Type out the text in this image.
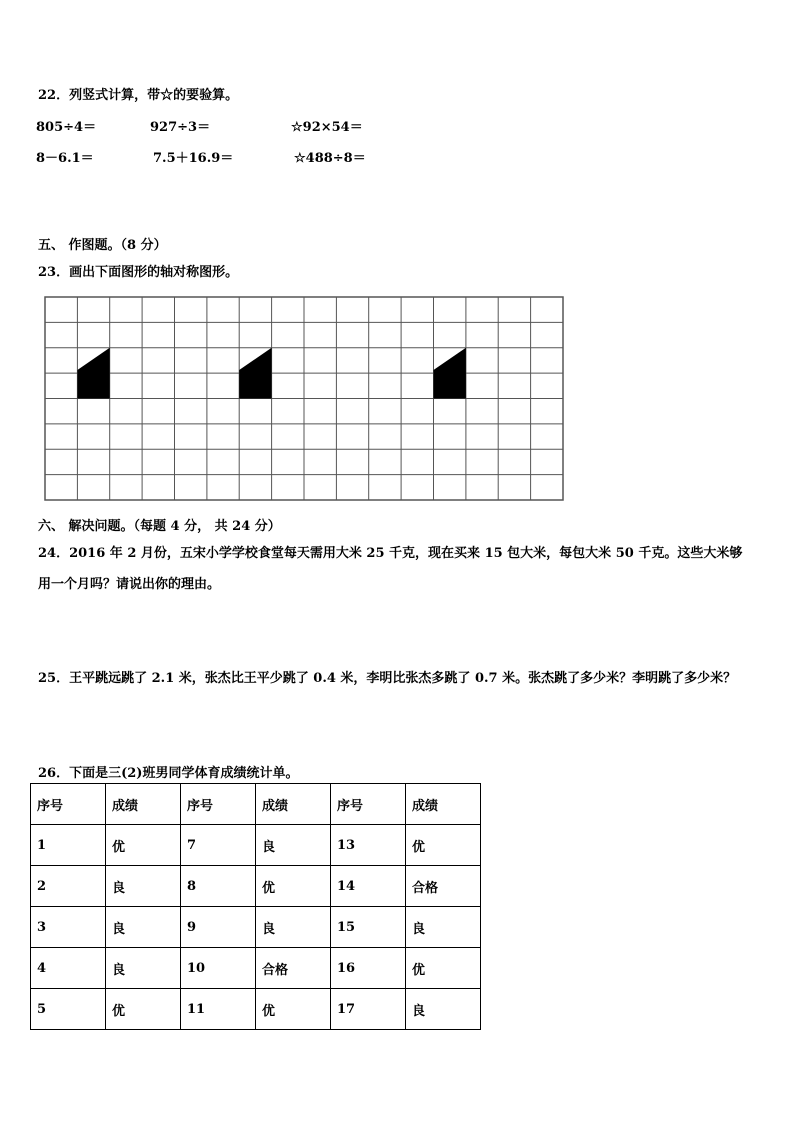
22．列竖式计算，带☆的要验算。
805÷4＝	927÷3＝	☆92×54＝
8－6.1＝	7.5＋16.9＝	☆488÷8＝
五、 作图题。（8 分）
23．画出下面图形的轴对称图形。
六、 解决问题。（每题 4 分， 共 24 分）
24．2016 年 2 月份，五宋小学学校食堂每天需用大米 25 千克，现在买来 15 包大米，每包大米 50 千克。这些大米够
用一个月吗？请说出你的理由。
25．王平跳远跳了 2.1 米，张杰比王平少跳了 0.4 米，李明比张杰多跳了 0.7 米。张杰跳了多少米？李明跳了多少米？
26．下面是三(2)班男同学体育成绩统计单。
序号	成绩	序号	成绩	序号	成绩
1	优	7	良	13	优
2	良	8	优	14	合格
3	良	9	良	15	良
4	良	10	合格	16	优
5	优	11	优	17	良
